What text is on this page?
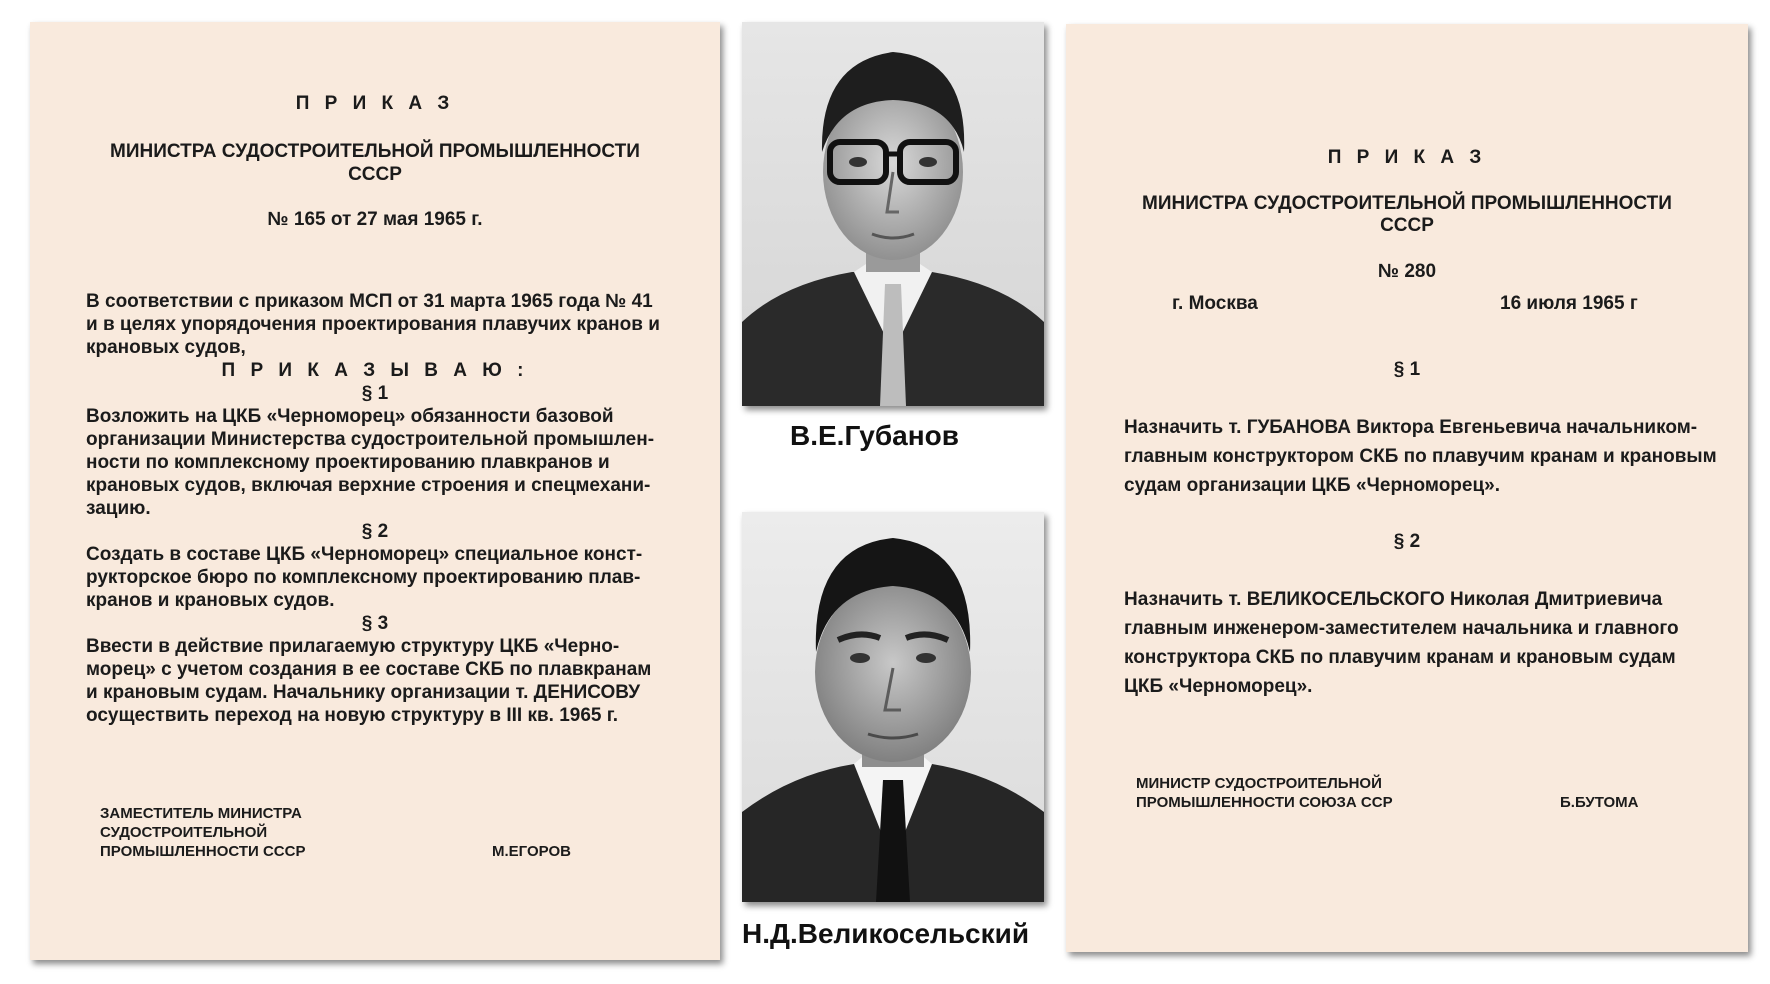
П Р И К А З
МИНИСТРА СУДОСТРОИТЕЛЬНОЙ ПРОМЫШЛЕННОСТИ
СССР
№ 165 от 27 мая 1965 г.
В соответствии с приказом МСП от 31 марта 1965 года № 41
и в целях упорядочения проектирования плавучих кранов и
крановых судов,
П Р И К А З Ы В А Ю :
§ 1
Возложить на ЦКБ «Черноморец» обязанности базовой
организации Министерства судостроительной промышлен-
ности по комплексному проектированию плавкранов и
крановых судов, включая верхние строения и спецмехани-
зацию.
§ 2
Создать в составе ЦКБ «Черноморец» специальное конст-
рукторское бюро по комплексному проектированию плав-
кранов и крановых судов.
§ 3
Ввести в действие прилагаемую структуру ЦКБ «Черно-
морец» с учетом создания в ее составе СКБ по плавкранам
и крановым судам. Начальнику организации т. ДЕНИСОВУ
осуществить переход на новую структуру в III кв. 1965 г.
ЗАМЕСТИТЕЛЬ МИНИСТРА
СУДОСТРОИТЕЛЬНОЙ
ПРОМЫШЛЕННОСТИ СССР	М.ЕГОРОВ
В.Е.Губанов
Н.Д.Великосельский
П Р И К А З
МИНИСТРА СУДОСТРОИТЕЛЬНОЙ ПРОМЫШЛЕННОСТИ
СССР
№ 280
г. Москва	16 июля 1965 г
§ 1
Назначить т. ГУБАНОВА Виктора Евгеньевича начальником-
главным конструктором СКБ по плавучим кранам и крановым
судам организации ЦКБ «Черноморец».
§ 2
Назначить т. ВЕЛИКОСЕЛЬСКОГО Николая Дмитриевича
главным инженером-заместителем начальника и главного
конструктора СКБ по плавучим кранам и крановым судам
ЦКБ «Черноморец».
МИНИСТР СУДОСТРОИТЕЛЬНОЙ
ПРОМЫШЛЕННОСТИ СОЮЗА ССР	Б.БУТОМА
